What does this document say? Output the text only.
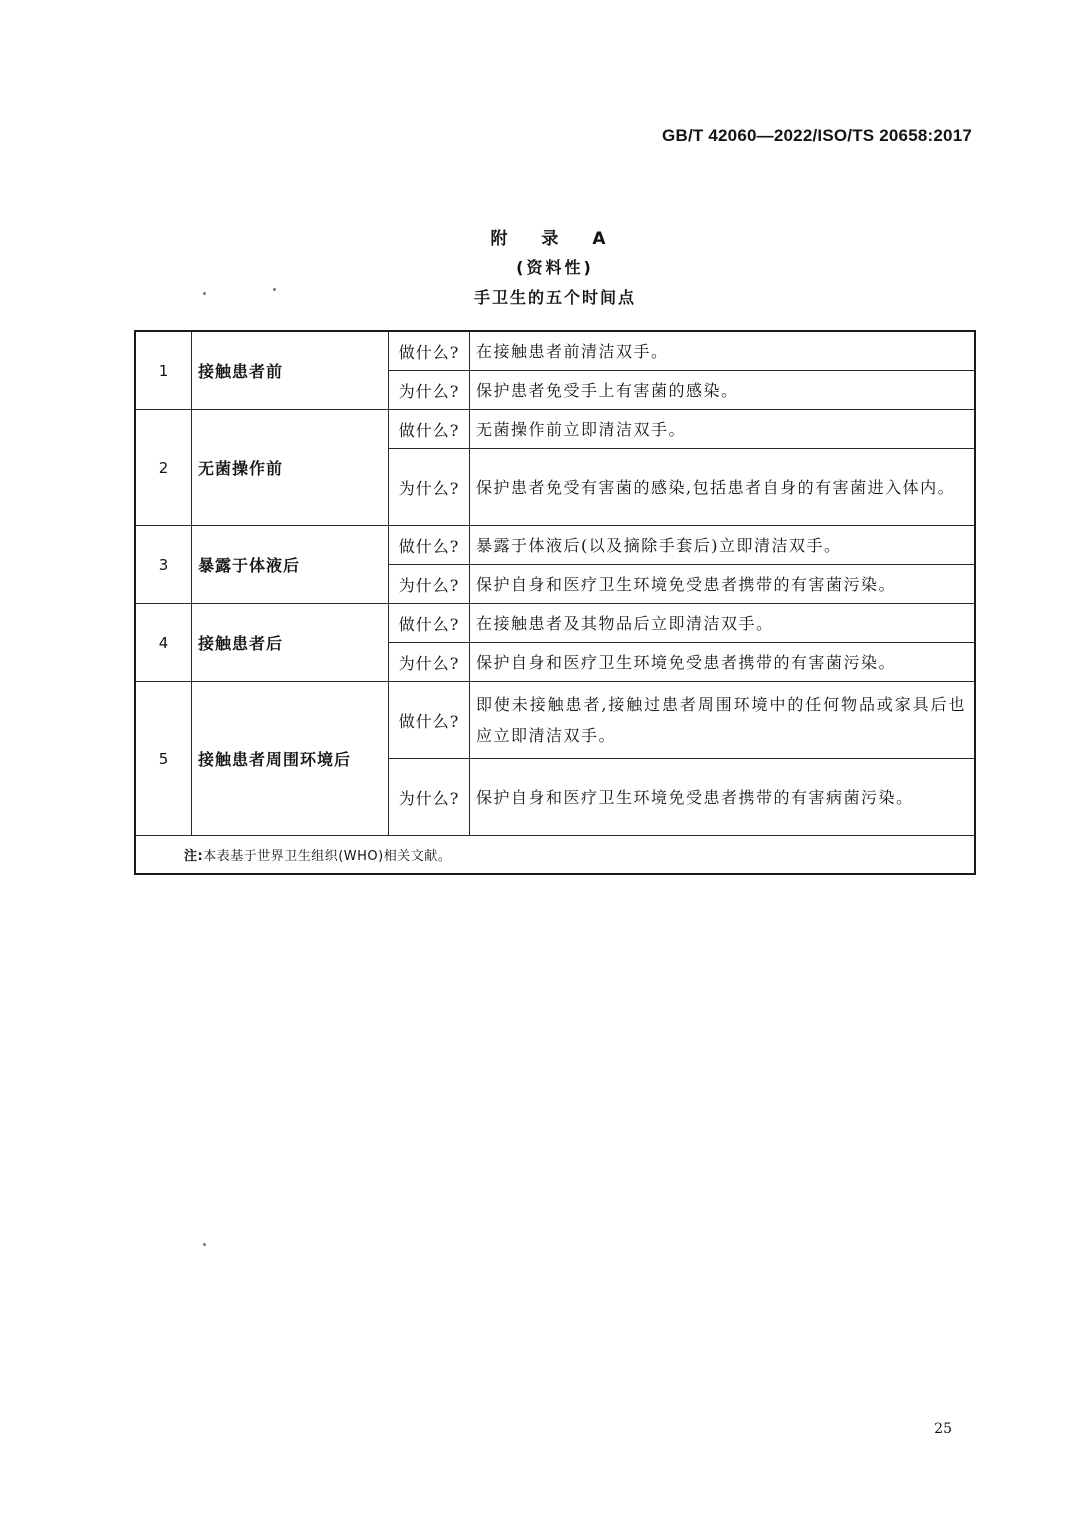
GB/T 42060—2022/ISO/TS 20658:2017
附 录 A
(资料性)
手卫生的五个时间点
1	接触患者前	做什么?	在接触患者前清洁双手。
		为什么?	保护患者免受手上有害菌的感染。
2	无菌操作前	做什么?	无菌操作前立即清洁双手。
		为什么?	保护患者免受有害菌的感染,包括患者自身的有害菌进入体内。
3	暴露于体液后	做什么?	暴露于体液后(以及摘除手套后)立即清洁双手。
		为什么?	保护自身和医疗卫生环境免受患者携带的有害菌污染。
4	接触患者后	做什么?	在接触患者及其物品后立即清洁双手。
		为什么?	保护自身和医疗卫生环境免受患者携带的有害菌污染。
5	接触患者周围环境后	做什么?	即使未接触患者,接触过患者周围环境中的任何物品或家具后也应立即清洁双手。
		为什么?	保护自身和医疗卫生环境免受患者携带的有害病菌污染。
注:本表基于世界卫生组织(WHO)相关文献。			
25
